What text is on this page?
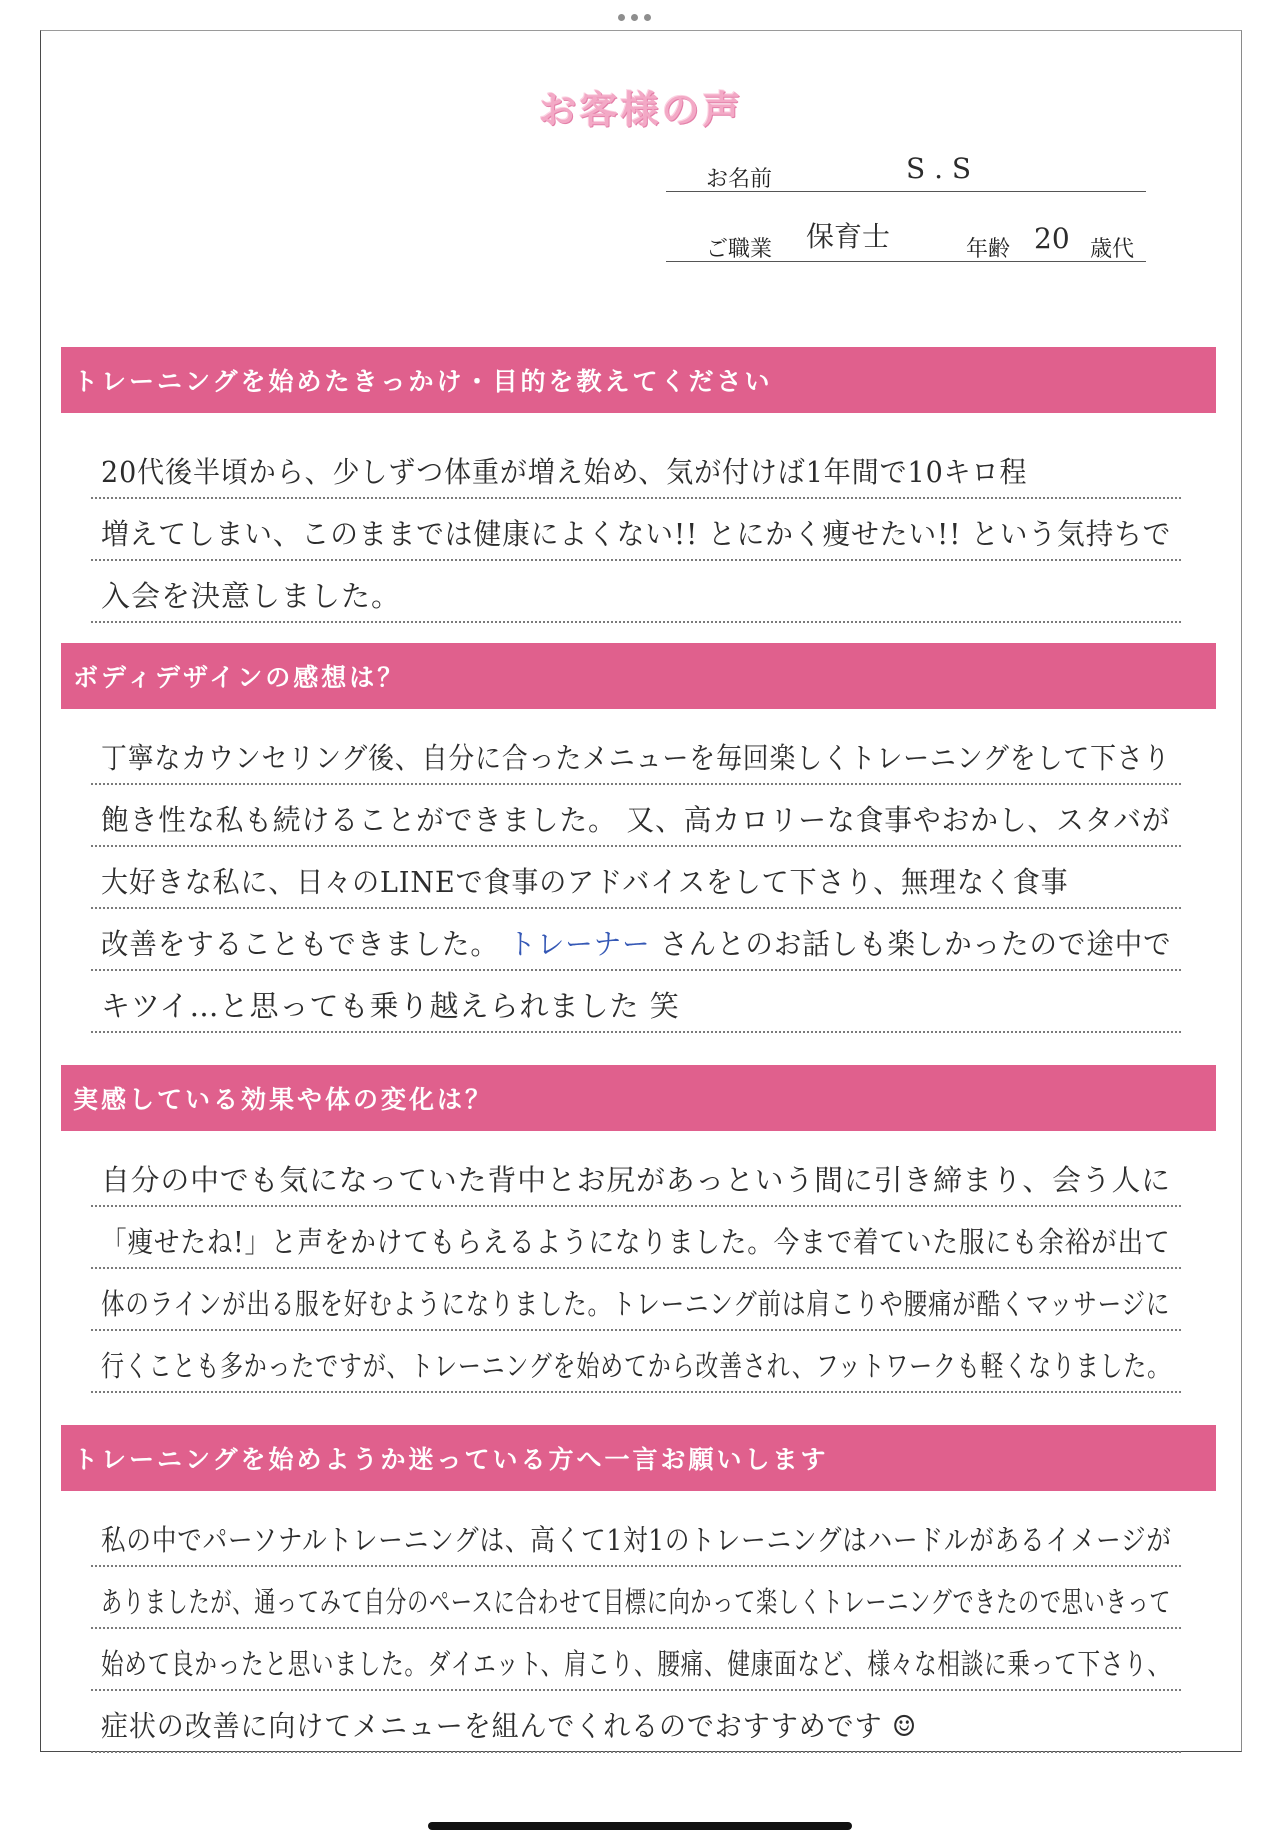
お客様の声
お名前	S . S
ご職業 保育士	年齢 20 歳代
トレーニングを始めたきっかけ・目的を教えてください
20代後半頃から、少しずつ体重が増え始め、気が付けば1年間で10キロ程
増えてしまい、このままでは健康によくない!! とにかく痩せたい!! という気持ちで
入会を決意しました。
ボディデザインの感想は？
丁寧なカウンセリング後、自分に合ったメニューを毎回楽しくトレーニングをして下さり
飽き性な私も続けることができました。 又、高カロリーな食事やおかし、スタバが
大好きな私に、日々のLINEで食事のアドバイスをして下さり、無理なく食事
改善をすることもできました。 トレーナー さんとのお話しも楽しかったので途中で
キツイ…と思っても乗り越えられました 笑
実感している効果や体の変化は？
自分の中でも気になっていた背中とお尻があっという間に引き締まり、会う人に
「痩せたね!」と声をかけてもらえるようになりました。今まで着ていた服にも余裕が出て
体のラインが出る服を好むようになりました。トレーニング前は肩こりや腰痛が酷くマッサージに
行くことも多かったですが、トレーニングを始めてから改善され、フットワークも軽くなりました。
トレーニングを始めようか迷っている方へ一言お願いします
私の中でパーソナルトレーニングは、高くて1対1のトレーニングはハードルがあるイメージが
ありましたが、通ってみて自分のペースに合わせて目標に向かって楽しくトレーニングできたので思いきって
始めて良かったと思いました。ダイエット、肩こり、腰痛、健康面など、様々な相談に乗って下さり、
症状の改善に向けてメニューを組んでくれるのでおすすめです ☺
